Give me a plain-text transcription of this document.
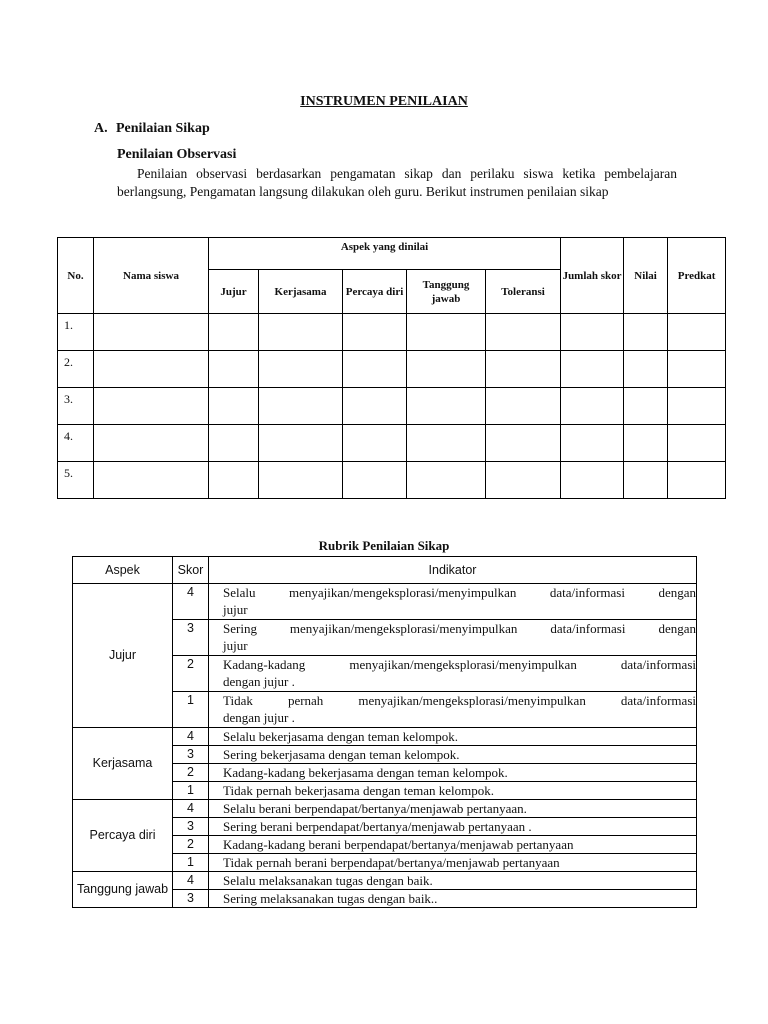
INSTRUMEN PENILAIAN
A. Penilaian Sikap
Penilaian Observasi
Penilaian observasi berdasarkan pengamatan sikap dan perilaku siswa ketika pembelajaran berlangsung, Pengamatan langsung dilakukan oleh guru. Berikut instrumen penilaian sikap
No.	Nama siswa	Aspek yang dinilai					Jumlah skor	Nilai	Predkat
		Jujur	Kerjasama	Percaya diri	Tanggung jawab	Toleransi			
1.									
2.									
3.									
4.									
5.									
Rubrik Penilaian Sikap
Aspek	Skor	Indikator
Jujur	4	Selalu menyajikan/mengeksplorasi/menyimpulkan data/informasi dengan
jujur

	3	Sering menyajikan/mengeksplorasi/menyimpulkan data/informasi dengan
jujur

	2	Kadang-kadang menyajikan/mengeksplorasi/menyimpulkan data/informasi
dengan jujur .

	1	Tidak pernah menyajikan/mengeksplorasi/menyimpulkan data/informasi
dengan jujur .

Kerjasama	4	Selalu bekerjasama dengan teman kelompok.
	3	Sering bekerjasama dengan teman kelompok.
	2	Kadang-kadang bekerjasama dengan teman kelompok.
	1	Tidak pernah bekerjasama dengan teman kelompok.
Percaya diri	4	Selalu berani berpendapat/bertanya/menjawab pertanyaan.
	3	Sering berani berpendapat/bertanya/menjawab pertanyaan .
	2	Kadang-kadang berani berpendapat/bertanya/menjawab pertanyaan
	1	Tidak pernah berani berpendapat/bertanya/menjawab pertanyaan
Tanggung jawab	4	Selalu melaksanakan tugas dengan baik.
	3	Sering melaksanakan tugas dengan baik..
